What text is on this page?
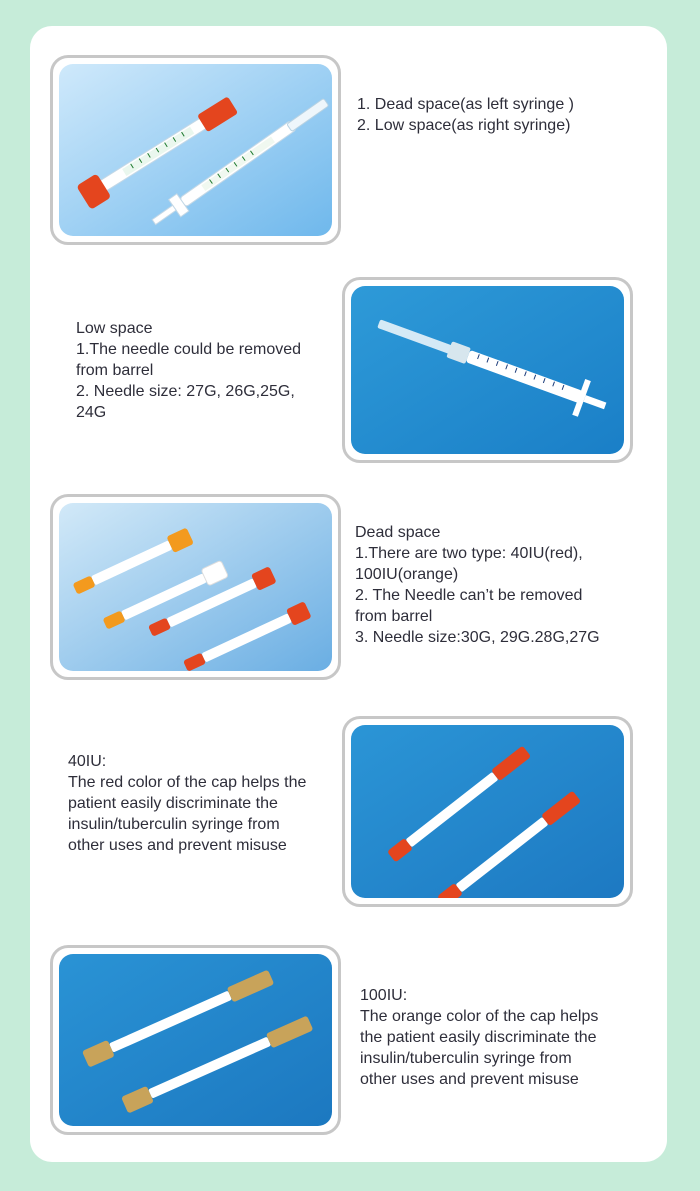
1. Dead space(as left syringe )
2. Low space(as right syringe)
Low space
1.The needle could be removed
from barrel
2. Needle size: 27G, 26G,25G,
24G
Dead space
1.There are two type: 40IU(red),
100IU(orange)
2. The Needle can’t be removed
from barrel
3. Needle size:30G, 29G.28G,27G
40IU:
The red color of the cap helps the
patient easily discriminate the
insulin/tuberculin syringe from
other uses and prevent misuse
100IU:
The orange color of the cap helps
the patient easily discriminate the
insulin/tuberculin syringe from
other uses and prevent misuse
